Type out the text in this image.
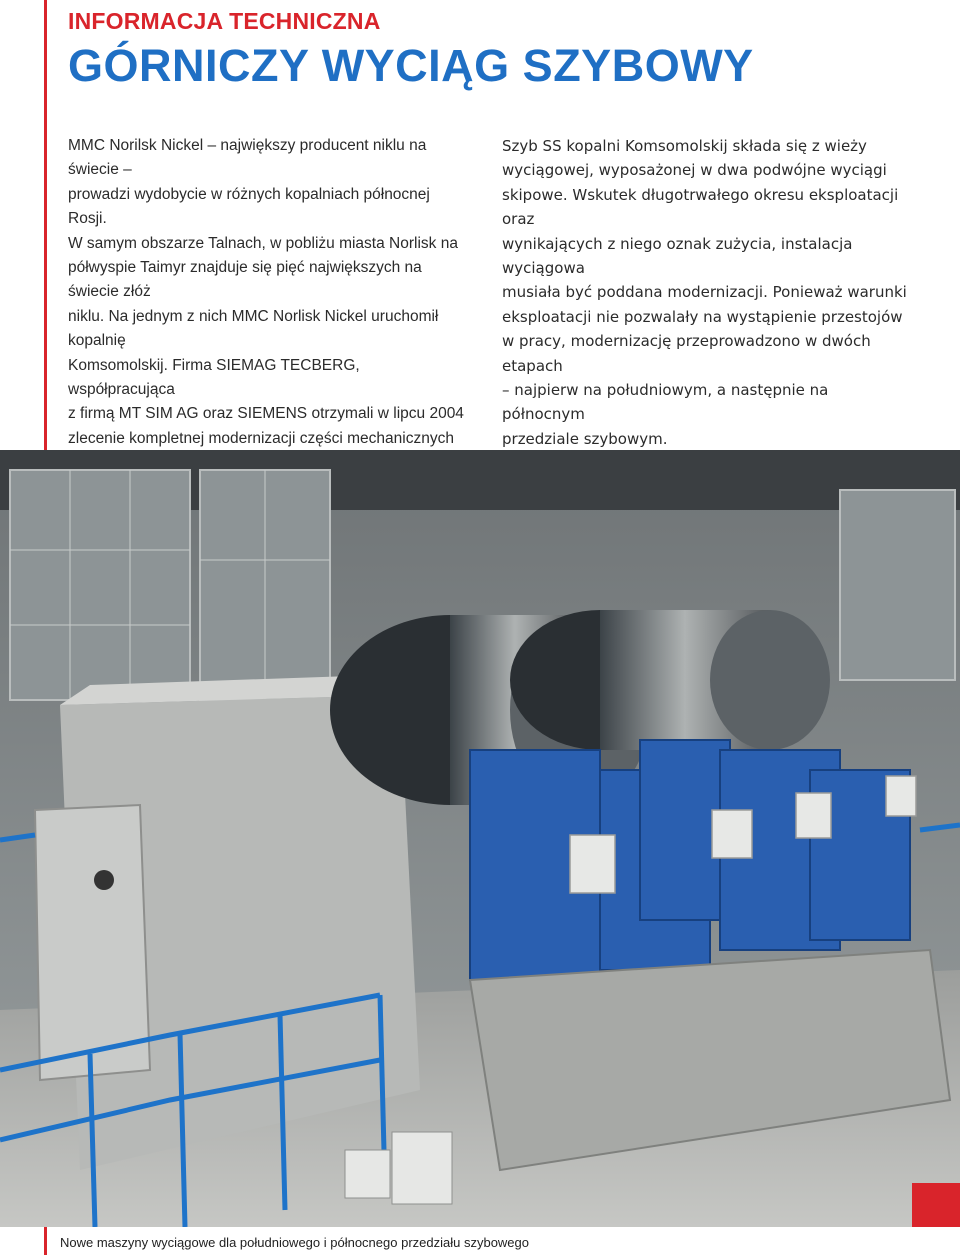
INFORMACJA TECHNICZNA
GÓRNICZY WYCIĄG SZYBOWY

MMC Norilsk Nickel – największy producent niklu na świecie –

prowadzi wydobycie w różnych kopalniach północnej Rosji.

W samym obszarze Talnach, w pobliżu miasta Norlisk na

półwyspie Taimyr znajduje się pięć największych na świecie złóż

niklu. Na jednym z nich MMC Norlisk Nickel uruchomił kopalnię

Komsomolskij. Firma SIEMAG TECBERG, współpracująca

z firmą MT SIM AG oraz SIEMENS otrzymali w lipcu 2004

zlecenie kompletnej modernizacji części mechanicznych

Szyb SS kopalni Komsomolskij składa się z wieży

wyciągowej, wyposażonej w dwa podwójne wyciągi

skipowe. Wskutek długotrwałego okresu eksploatacji oraz

wynikających z niego oznak zużycia, instalacja wyciągowa

musiała być poddana modernizacji. Ponieważ warunki

eksploatacji nie pozwalały na wystąpienie przestojów

w pracy, modernizację przeprowadzono w dwóch etapach

– najpierw na południowym, a następnie na północnym

przedziale szybowym.

Nowe maszyny wyciągowe dla południowego i północnego przedziału szybowego
